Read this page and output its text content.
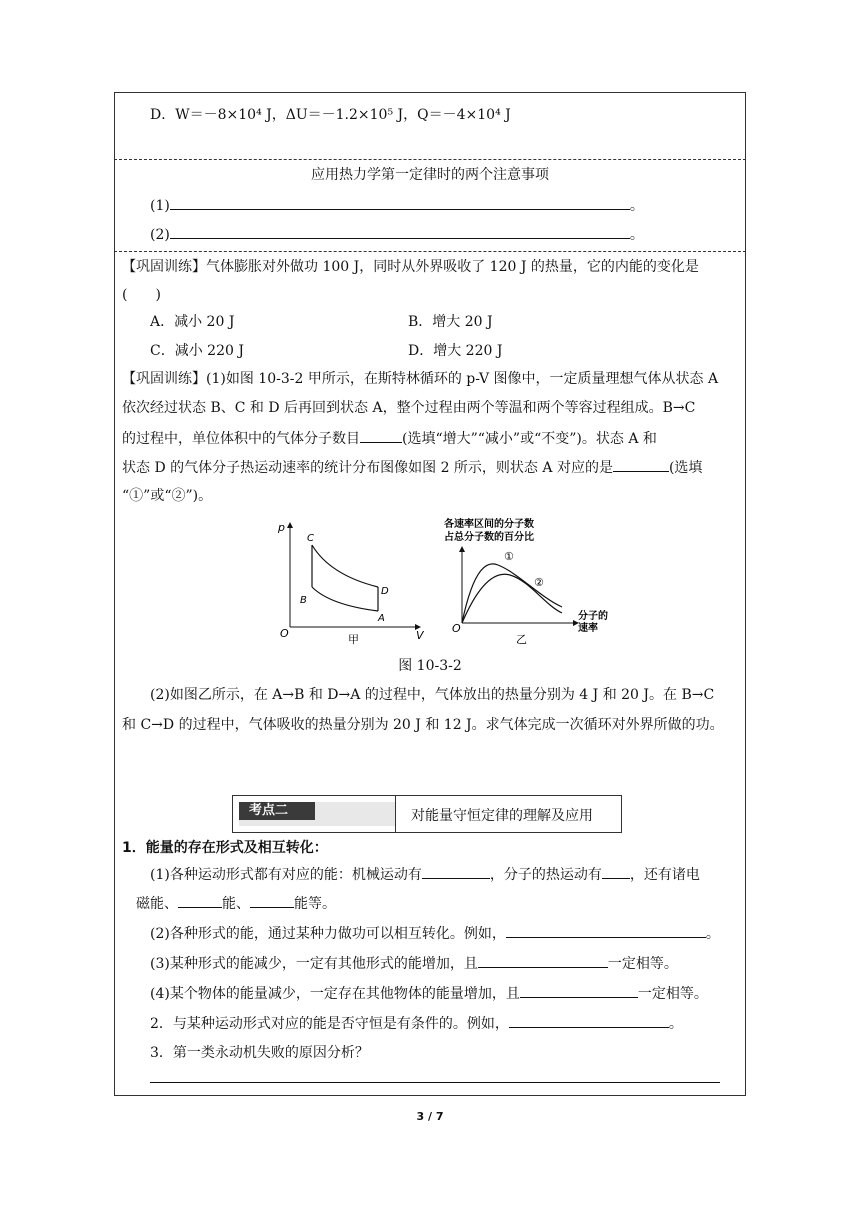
D．W＝－8×10⁴ J，ΔU＝－1.2×10⁵ J，Q＝－4×10⁴ J
应用热力学第一定律时的两个注意事项
(1)	。
(2)	。
【巩固训练】气体膨胀对外做功 100 J，同时从外界吸收了 120 J 的热量，它的内能的变化是
(　　)
A．减小 20 J	B．增大 20 J
C．减小 220 J	D．增大 220 J
【巩固训练】(1)如图 10-3-2 甲所示，在斯特林循环的 p-V 图像中，一定质量理想气体从状态 A
依次经过状态 B、C 和 D 后再回到状态 A，整个过程由两个等温和两个等容过程组成。B→C
的过程中，单位体积中的气体分子数目	(选填“增大”“减小”或“不变”)。状态 A 和
状态 D 的气体分子热运动速率的统计分布图像如图 2 所示，则状态 A 对应的是	(选填
“①”或“②”)。
p
V
O
C
B
D
A
甲
各速率区间的分子数
占总分子数的百分比
①
②
O
分子的
速率
乙
图 10-3-2
(2)如图乙所示，在 A→B 和 D→A 的过程中，气体放出的热量分别为 4 J 和 20 J。在 B→C
和 C→D 的过程中，气体吸收的热量分别为 20 J 和 12 J。求气体完成一次循环对外界所做的功。
考点二	对能量守恒定律的理解及应用
1．能量的存在形式及相互转化：
(1)各种运动形式都有对应的能：机械运动有	，分子的热运动有 ，还有诸电
磁能、	能、	能等。
(2)各种形式的能，通过某种力做功可以相互转化。例如，	。
(3)某种形式的能减少，一定有其他形式的能增加，且	一定相等。
(4)某个物体的能量减少，一定存在其他物体的能量增加，且	一定相等。
2．与某种运动形式对应的能是否守恒是有条件的。例如，	。
3．第一类永动机失败的原因分析？
3 / 7
